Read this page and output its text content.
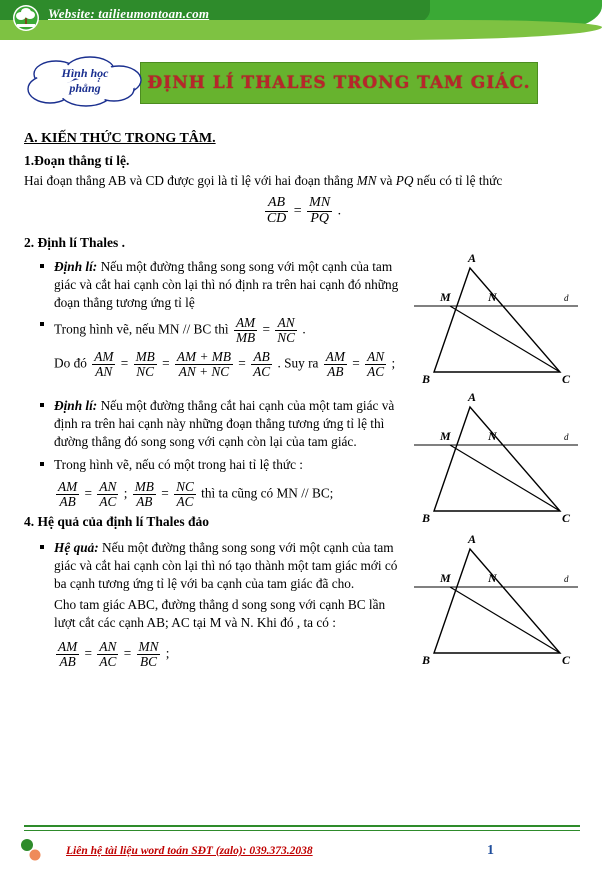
Website: tailieumontoan.com
ĐỊNH LÍ THALES TRONG TAM GIÁC.
Hình học
phẳng
A. KIẾN THỨC TRONG TÂM.
1.Đoạn thẳng tỉ lệ.
Hai đoạn thẳng AB và CD được gọi là tỉ lệ với hai đoạn thẳng MN và PQ nếu có tỉ lệ thức
$\frac{AB}{CD} = \frac{MN}{PQ}$ .
2. Định lí Thales .
Định lí: Nếu một đường thẳng song song với một cạnh của tam giác và cắt hai cạnh còn lại thì nó định ra trên hai cạnh đó những đoạn thẳng tương ứng tỉ lệ
Trong hình vẽ, nếu MN // BC thì $\frac{AM}{MB} = \frac{AN}{NC}$ .
Do đó $\frac{AM}{AN} = \frac{MB}{NC} = \frac{AM + MB}{AN + NC} = \frac{AB}{AC}$ . Suy ra $\frac{AM}{AB} = \frac{AN}{AC}$ ;
A
B	C
M	N	d
Định lí: Nếu một đường thẳng cắt hai cạnh của một tam giác và định ra trên hai cạnh này những đoạn thẳng tương ứng tỉ lệ thì đường thẳng đó song song với cạnh còn lại của tam giác.
Trong hình vẽ, nếu có một trong hai tỉ lệ thức :
$\frac{AM}{AB} = \frac{AN}{AC}$ ; $\frac{MB}{AB} = \frac{NC}{AC}$ thì ta cũng có MN // BC;
A
B	C
M	N	d
4. Hệ quả của định lí Thales đảo
Hệ quả: Nếu một đường thẳng song song với một cạnh của tam giác và cắt hai cạnh còn lại thì nó tạo thành một tam giác mới có ba cạnh tương ứng tỉ lệ với ba cạnh của tam giác đã cho.
Cho tam giác ABC, đường thẳng d song song với cạnh BC lần lượt cắt các cạnh AB; AC tại M và N. Khi đó , ta có :
$\frac{AM}{AB} = \frac{AN}{AC} = \frac{MN}{BC}$ ;
A
B	C
M	N	d
Liên hệ tài liệu word toán SĐT (zalo): 039.373.2038	1
